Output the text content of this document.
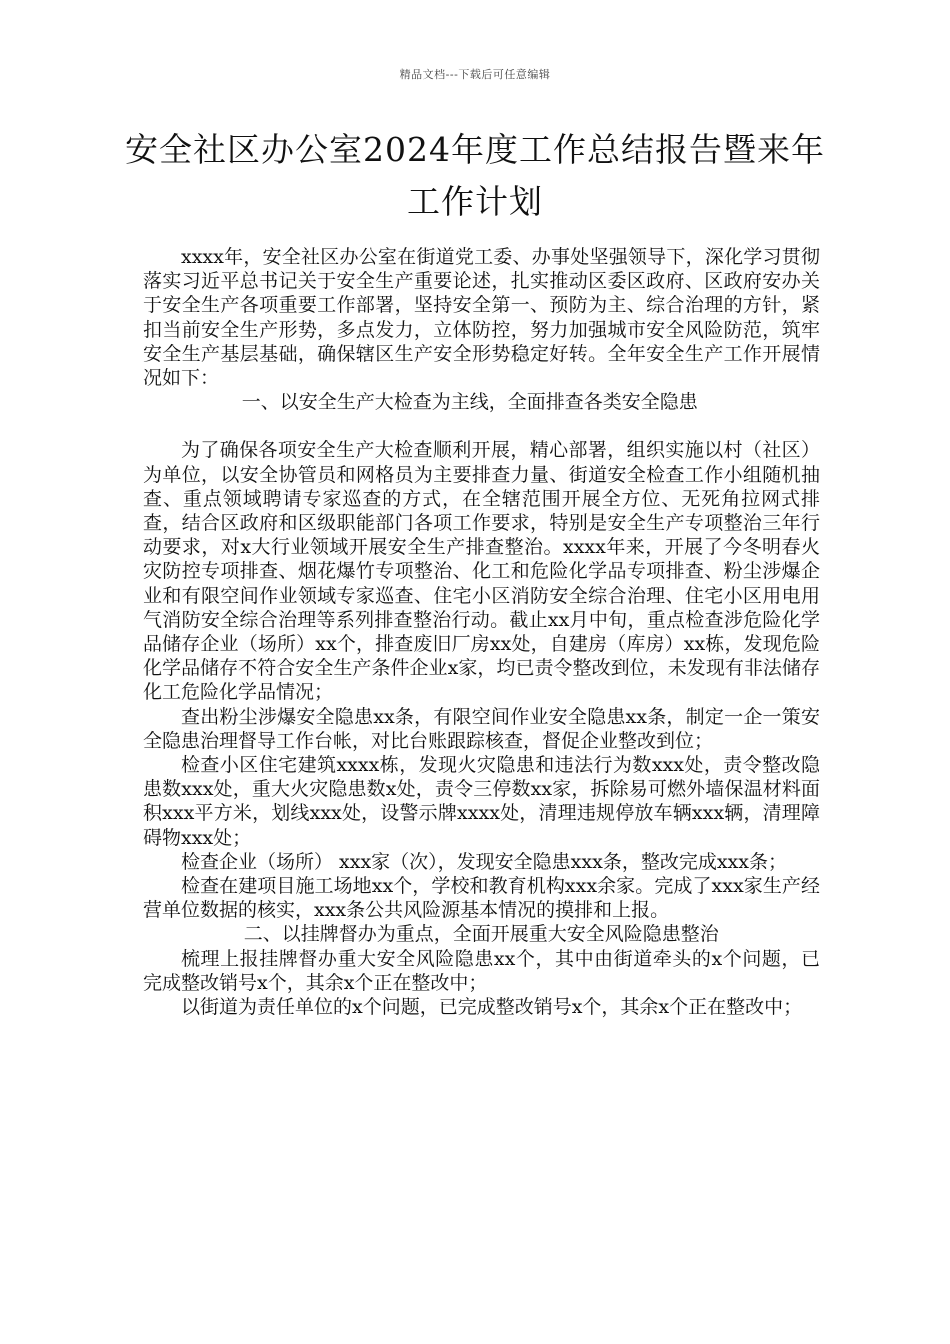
精品文档---下载后可任意编辑
安全社区办公室2024年度工作总结报告暨来年工作计划

xxxx年，安全社区办公室在街道党工委、办事处坚强领导下，深化学习贯彻落实习近平总书记关于安全生产重要论述，扎实推动区委区政府、区政府安办关于安全生产各项重要工作部署，坚持安全第一、预防为主、综合治理的方针，紧扣当前安全生产形势，多点发力，立体防控，努力加强城市安全风险防范，筑牢安全生产基层基础，确保辖区生产安全形势稳定好转。全年安全生产工作开展情况如下：

一、以安全生产大检查为主线，全面排查各类安全隐患

为了确保各项安全生产大检查顺利开展，精心部署，组织实施以村（社区）为单位，以安全协管员和网格员为主要排查力量、街道安全检查工作小组随机抽查、重点领域聘请专家巡查的方式，在全辖范围开展全方位、无死角拉网式排查，结合区政府和区级职能部门各项工作要求，特别是安全生产专项整治三年行动要求，对x大行业领域开展安全生产排查整治。xxxx年来，开展了今冬明春火灾防控专项排查、烟花爆竹专项整治、化工和危险化学品专项排查、粉尘涉爆企业和有限空间作业领域专家巡查、住宅小区消防安全综合治理、住宅小区用电用气消防安全综合治理等系列排查整治行动。截止xx月中旬，重点检查涉危险化学品储存企业（场所）xx个，排查废旧厂房xx处，自建房（库房）xx栋，发现危险化学品储存不符合安全生产条件企业x家，均已责令整改到位，未发现有非法储存化工危险化学品情况；

查出粉尘涉爆安全隐患xx条，有限空间作业安全隐患xx条，制定一企一策安全隐患治理督导工作台帐，对比台账跟踪核查，督促企业整改到位；

检查小区住宅建筑xxxx栋，发现火灾隐患和违法行为数xxx处，责令整改隐患数xxx处，重大火灾隐患数x处，责令三停数xx家，拆除易可燃外墙保温材料面积xxx平方米，划线xxx处，设警示牌xxxx处，清理违规停放车辆xxx辆，清理障碍物xxx处；

检查企业（场所） xxx家（次），发现安全隐患xxx条，整改完成xxx条；

检查在建项目施工场地xx个，学校和教育机构xxx余家。完成了xxx家生产经营单位数据的核实，xxx条公共风险源基本情况的摸排和上报。

二、以挂牌督办为重点，全面开展重大安全风险隐患整治

梳理上报挂牌督办重大安全风险隐患xx个，其中由街道牵头的x个问题，已完成整改销号x个，其余x个正在整改中；

以街道为责任单位的x个问题，已完成整改销号x个，其余x个正在整改中；
